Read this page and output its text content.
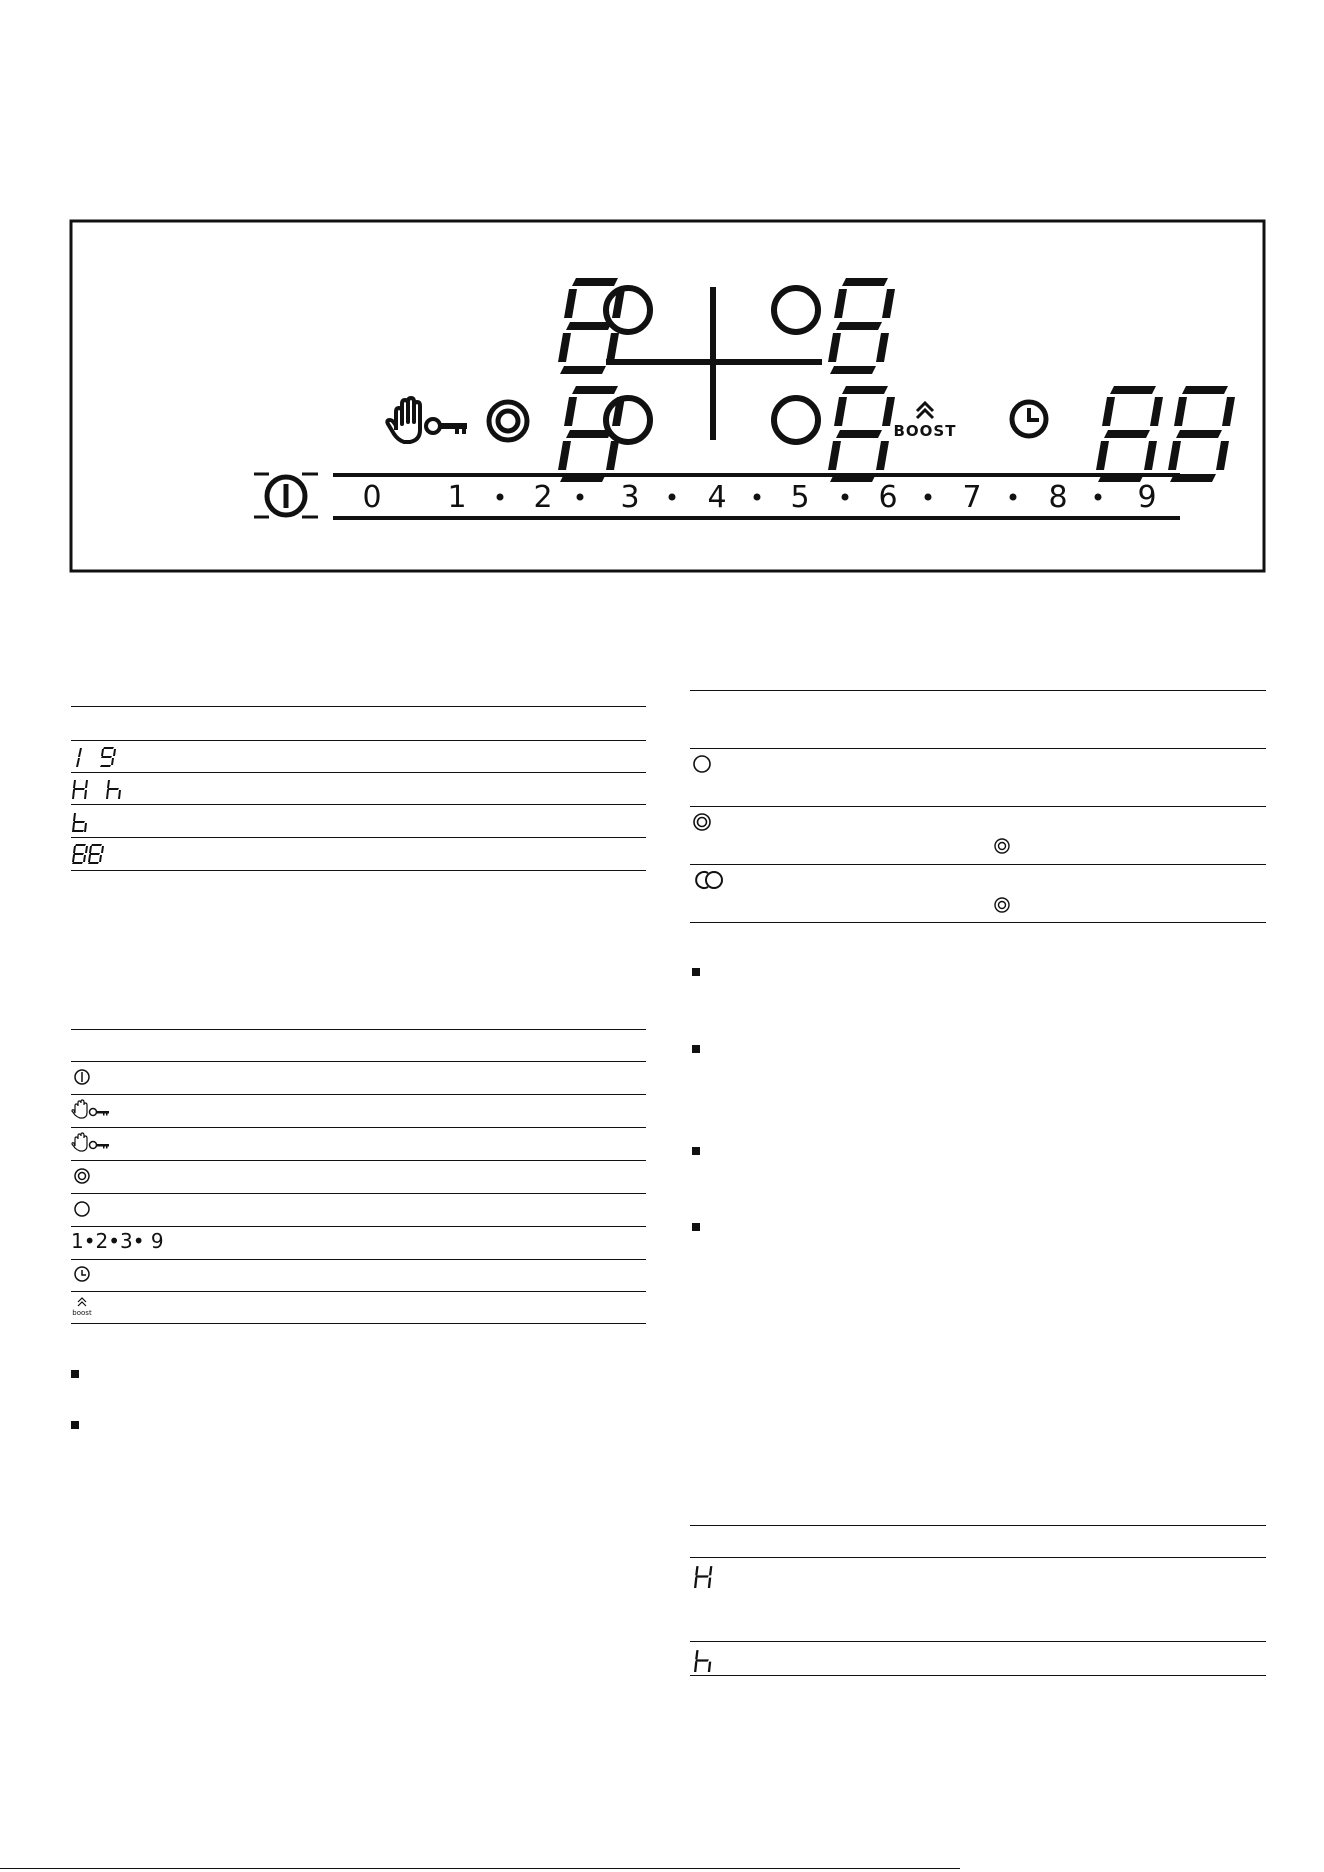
BOOST
0 1 2 3 4 5 6 7 8 9
1•2•3• 9
boost
